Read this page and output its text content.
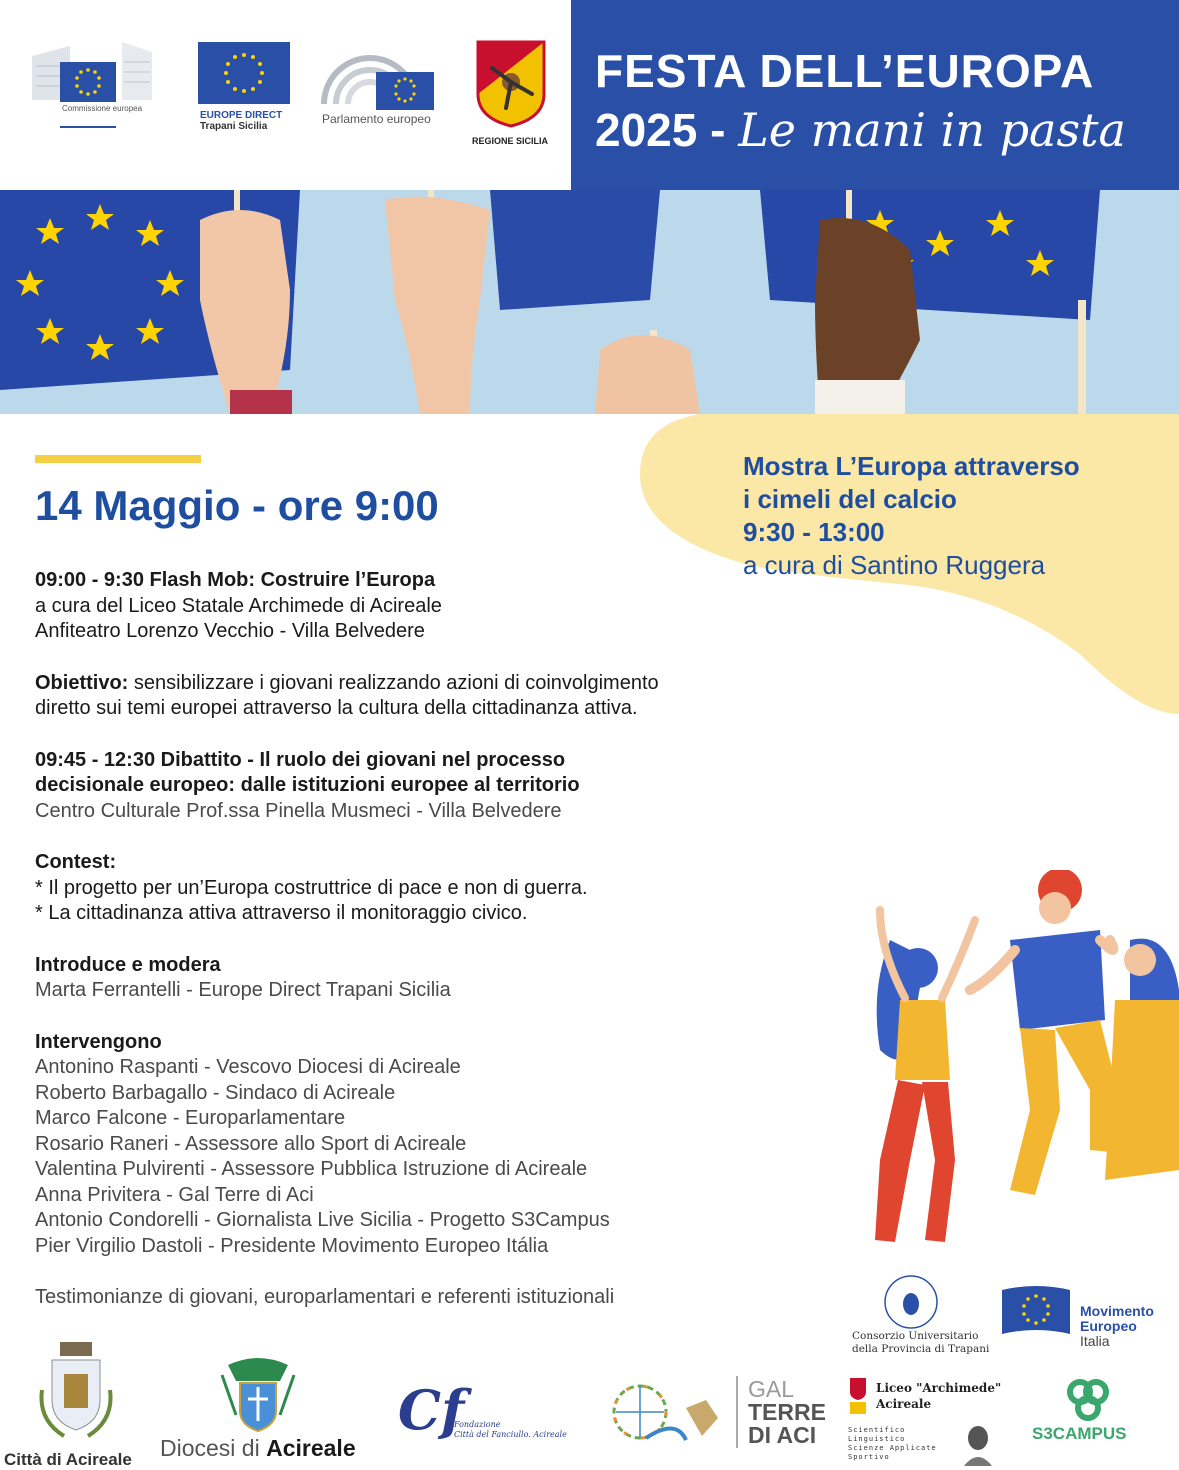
Commissione europea
EUROPE DIRECT
Trapani Sicilia
Parlamento europeo
REGIONE SICILIA
FESTA DELL’EUROPA
2025 - Le mani in pasta
Mostra L’Europa attraverso
i cimeli del calcio
9:30 - 13:00
a cura di Santino Ruggera
14 Maggio - ore 9:00
09:00 - 9:30 Flash Mob: Costruire l’Europa
a cura del Liceo Statale Archimede di Acireale
Anfiteatro Lorenzo Vecchio - Villa Belvedere
Obiettivo: sensibilizzare i giovani realizzando azioni di coinvolgimento
diretto sui temi europei attraverso la cultura della cittadinanza attiva.
09:45 - 12:30 Dibattito - Il ruolo dei giovani nel processo
decisionale europeo: dalle istituzioni europee al territorio
Centro Culturale Prof.ssa Pinella Musmeci - Villa Belvedere
Contest:
* Il progetto per un’Europa costruttrice di pace e non di guerra.
* La cittadinanza attiva attraverso il monitoraggio civico.
Introduce e modera
Marta Ferrantelli - Europe Direct Trapani Sicilia
Intervengono
Antonino Raspanti - Vescovo Diocesi di Acireale
Roberto Barbagallo - Sindaco di Acireale
Marco Falcone - Europarlamentare
Rosario Raneri - Assessore allo Sport di Acireale
Valentina Pulvirenti - Assessore Pubblica Istruzione di Acireale
Anna Privitera - Gal Terre di Aci
Antonio Condorelli - Giornalista Live Sicilia - Progetto S3Campus
Pier Virgilio Dastoli - Presidente Movimento Europeo Itália
Testimonianze di giovani, europarlamentari e referenti istituzionali
Consorzio Universitario
della Provincia di Trapani
Movimento
Europeo
Italia
Città di Acireale Diocesi di Acireale
Cf
Fondazione
Città del Fanciullo. Acireale
GAL
TERRE
DI ACI
Liceo "Archimede"
Acireale
Scientifico
Linguistico
Scienze Applicate
Sportivo
S3CAMPUS
